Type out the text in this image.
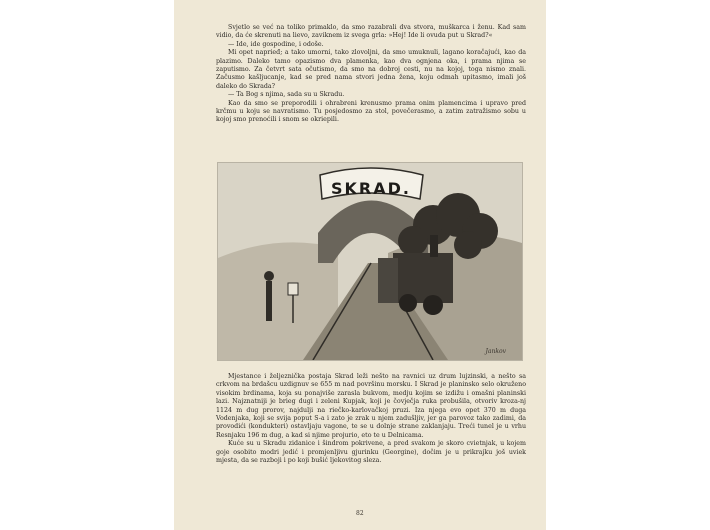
Svjetlo se već na toliko primaklo, da smo razabrali dva stvora, muškarca i ženu. Kad sam vidio, da će skrenuti na lievo, zaviknem iz svega grla: »Hej! Ide li ovuda put u Skrad?«

— Ide, ide gospodine, i odoše.

Mi opet naprieđ; a tako umorni, tako zlovoljni, da smo umuknuli, lagano koračajući, kao da plazimo. Daleko tamo opazismo dva plamenka, kao dva ognjena oka, i prama njima se zaputismo. Za četvrt sata očutismo, da smo na dobroj cesti, nu na kojoj, toga nismo znali. Začusmo kašljucanje, kad se pred nama stvori jedna žena, koju odmah upitasmo, imali još daleko do Skrada?

— Ta Bog s njima, sada su u Skradu.

Kao da smo se preporodili i ohrabreni krenusmo prama onim plamencima i upravo pred krčmu u koju se navratismo. Tu posjedosmo za stol, povečerasmo, a zatim zatražismo sobu u kojoj smo prenoćili i snom se okriepili.

SKRAD.
Jankov

Mjestance i željeznička postaja Skrad leži nešto na ravnici uz drum lujzinski, a nešto sa crkvom na brdašcu uzdignuv se 655 m nad površinu morsku. I Skrad je planinsko selo okruženo visokim brdinama, koja su ponajviše zarasla bukvom, medju kojim se izdižu i omašni planinski lazi. Najznatniji je brieg dugi i zeleni Kupjak, koji je čovječja ruka probušila, otvoriv kroza-nj 1124 m dug prorov, najdulji na riečko-karlovačkoj pruzi. Iza njega evo opet 370 m duga Vodenjaka, koji se svija poput S-a i zato je zrak u njem zadušljiv, jer ga parovoz tako zadimi, da provodići (kondukteri) ostavljaju vagone, te se u dolnje strane zaklanjaju. Treći tunel je u vrhu Resnjaku 196 m dug, a kad si njime projurio, eto te u Delnicama.

Kuće su u Skradu zidanice i šindrom pokrivene, a pred svakom je skoro cvietnjak, u kojem goje osobito modri jedić i promjenljivu gjurinku (Georgine), dočim je u prikrajku još uviek mjesta, da se razboji i po koji bušić ljekovitog sleza.

82
